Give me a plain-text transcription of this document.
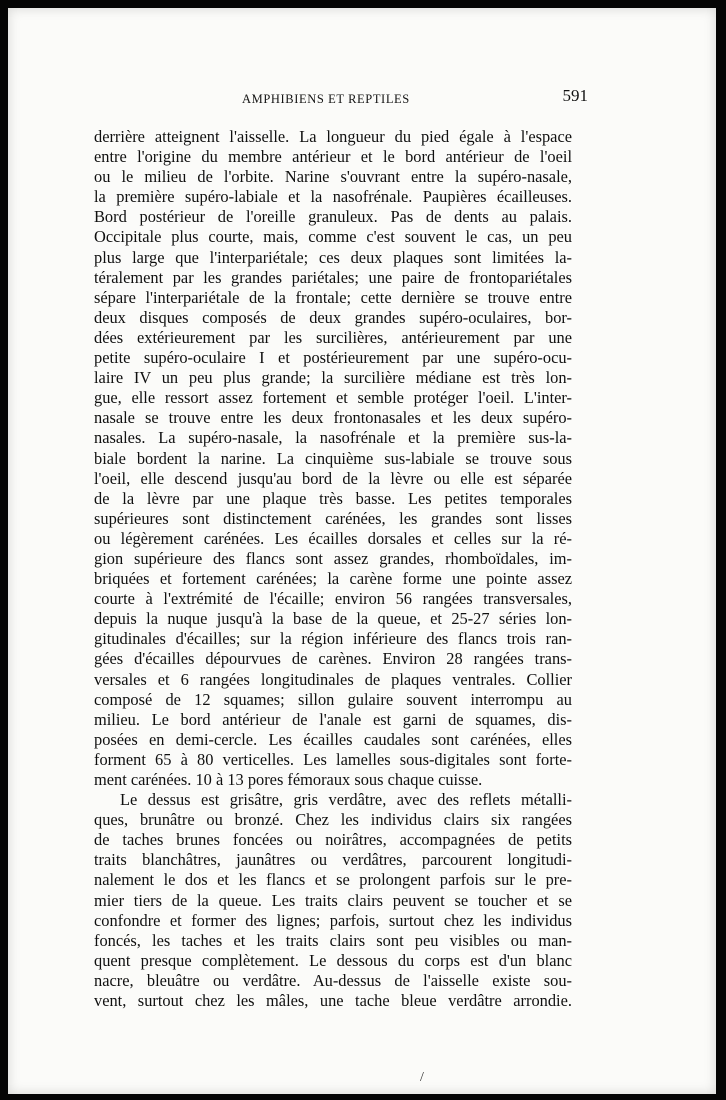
AMPHIBIENS ET REPTILES	591
derrière atteignent l'aisselle. La longueur du pied égale à l'espace
entre l'origine du membre antérieur et le bord antérieur de l'oeil
ou le milieu de l'orbite. Narine s'ouvrant entre la supéro-nasale,
la première supéro-labiale et la nasofrénale. Paupières écailleuses.
Bord postérieur de l'oreille granuleux. Pas de dents au palais.
Occipitale plus courte, mais, comme c'est souvent le cas, un peu
plus large que l'interpariétale; ces deux plaques sont limitées la-
téralement par les grandes pariétales; une paire de frontopariétales
sépare l'interpariétale de la frontale; cette dernière se trouve entre
deux disques composés de deux grandes supéro-oculaires, bor-
dées extérieurement par les surcilières, antérieurement par une
petite supéro-oculaire I et postérieurement par une supéro-ocu-
laire IV un peu plus grande; la surcilière médiane est très lon-
gue, elle ressort assez fortement et semble protéger l'oeil. L'inter-
nasale se trouve entre les deux frontonasales et les deux supéro-
nasales. La supéro-nasale, la nasofrénale et la première sus-la-
biale bordent la narine. La cinquième sus-labiale se trouve sous
l'oeil, elle descend jusqu'au bord de la lèvre ou elle est séparée
de la lèvre par une plaque très basse. Les petites temporales
supérieures sont distinctement carénées, les grandes sont lisses
ou légèrement carénées. Les écailles dorsales et celles sur la ré-
gion supérieure des flancs sont assez grandes, rhomboïdales, im-
briquées et fortement carénées; la carène forme une pointe assez
courte à l'extrémité de l'écaille; environ 56 rangées transversales,
depuis la nuque jusqu'à la base de la queue, et 25-27 séries lon-
gitudinales d'écailles; sur la région inférieure des flancs trois ran-
gées d'écailles dépourvues de carènes. Environ 28 rangées trans-
versales et 6 rangées longitudinales de plaques ventrales. Collier
composé de 12 squames; sillon gulaire souvent interrompu au
milieu. Le bord antérieur de l'anale est garni de squames, dis-
posées en demi-cercle. Les écailles caudales sont carénées, elles
forment 65 à 80 verticelles. Les lamelles sous-digitales sont forte-
ment carénées. 10 à 13 pores fémoraux sous chaque cuisse.
Le dessus est grisâtre, gris verdâtre, avec des reflets métalli-
ques, brunâtre ou bronzé. Chez les individus clairs six rangées
de taches brunes foncées ou noirâtres, accompagnées de petits
traits blanchâtres, jaunâtres ou verdâtres, parcourent longitudi-
nalement le dos et les flancs et se prolongent parfois sur le pre-
mier tiers de la queue. Les traits clairs peuvent se toucher et se
confondre et former des lignes; parfois, surtout chez les individus
foncés, les taches et les traits clairs sont peu visibles ou man-
quent presque complètement. Le dessous du corps est d'un blanc
nacre, bleuâtre ou verdâtre. Au-dessus de l'aisselle existe sou-
vent, surtout chez les mâles, une tache bleue verdâtre arrondie.
/
